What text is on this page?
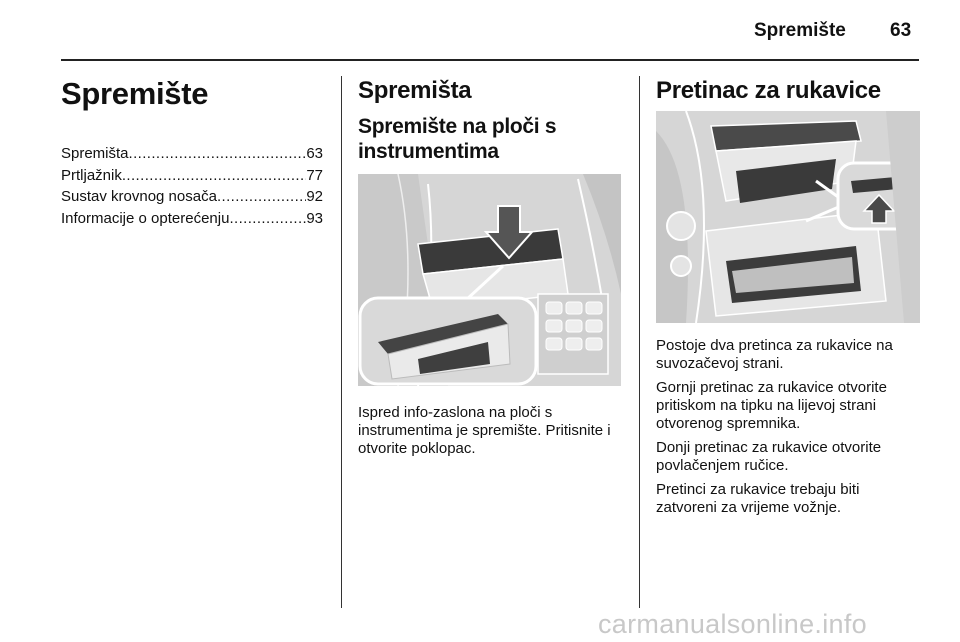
Spremište 63
Spremište
Spremišta .....	63
Prtljažnik .....	77
Sustav krovnog nosača .....	92
Informacije o opterećenju .....	93
Spremišta
Spremište na ploči s instrumentima

Ispred info-zaslona na ploči s instrumentima je spremište. Pritisnite i otvorite poklopac.

Pretinac za rukavice

Postoje dva pretinca za rukavice na suvozačevoj strani.

Gornji pretinac za rukavice otvorite pritiskom na tipku na lijevoj strani otvorenog spremnika.

Donji pretinac za rukavice otvorite povlačenjem ručice.

Pretinci za rukavice trebaju biti zatvoreni za vrijeme vožnje.

carmanualsonline.info
